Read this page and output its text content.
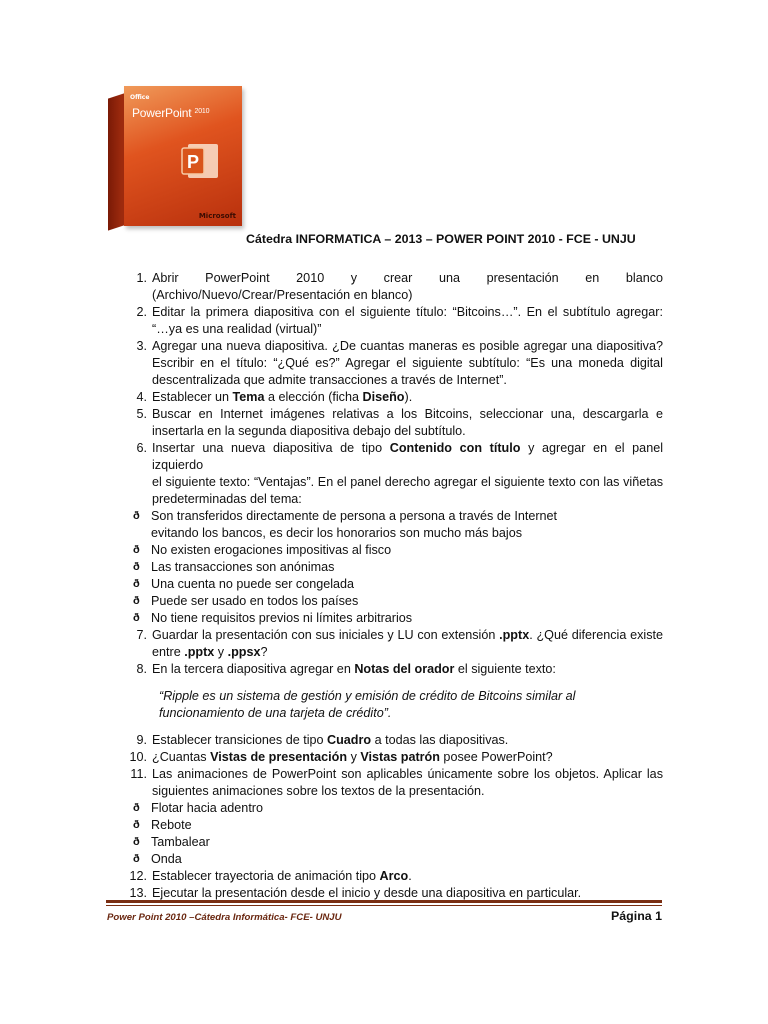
Office
PowerPoint $^{2010}$
P
Microsoft
Cátedra INFORMATICA – 2013 – POWER POINT 2010 - FCE - UNJU
1. Abrir PowerPoint 2010 y crear una presentación en blanco
(Archivo/Nuevo/Crear/Presentación en blanco)
2. Editar la primera diapositiva con el siguiente título: “Bitcoins…”. En el subtítulo agregar:
“…ya es una realidad (virtual)”
3. Agregar una nueva diapositiva. ¿De cuantas maneras es posible agregar una diapositiva?
Escribir en el título: “¿Qué es?” Agregar el siguiente subtítulo: “Es una moneda digital
descentralizada que admite transacciones a través de Internet”.
4. Establecer un Tema a elección (ficha Diseño).
5. Buscar en Internet imágenes relativas a los Bitcoins, seleccionar una, descargarla e
insertarla en la segunda diapositiva debajo del subtítulo.
6. Insertar una nueva diapositiva de tipo Contenido con título y agregar en el panel izquierdo
el siguiente texto: “Ventajas”. En el panel derecho agregar el siguiente texto con las viñetas
predeterminadas del tema:
ð Son transferidos directamente de persona a persona a través de Internet
evitando los bancos, es decir los honorarios son mucho más bajos
ð No existen erogaciones impositivas al fisco
ð Las transacciones son anónimas
ð Una cuenta no puede ser congelada
ð Puede ser usado en todos los países
ð No tiene requisitos previos ni límites arbitrarios
7. Guardar la presentación con sus iniciales y LU con extensión .pptx. ¿Qué diferencia existe
entre .pptx y .ppsx?
8. En la tercera diapositiva agregar en Notas del orador el siguiente texto:
“Ripple es un sistema de gestión y emisión de crédito de Bitcoins similar al
funcionamiento de una tarjeta de crédito”.
9. Establecer transiciones de tipo Cuadro a todas las diapositivas.
10. ¿Cuantas Vistas de presentación y Vistas patrón posee PowerPoint?
11. Las animaciones de PowerPoint son aplicables únicamente sobre los objetos. Aplicar las
siguientes animaciones sobre los textos de la presentación.
ð Flotar hacia adentro
ð Rebote
ð Tambalear
ð Onda
12. Establecer trayectoria de animación tipo Arco.
13. Ejecutar la presentación desde el inicio y desde una diapositiva en particular.
Power Point 2010 –Cátedra Informática- FCE- UNJU	Página 1
